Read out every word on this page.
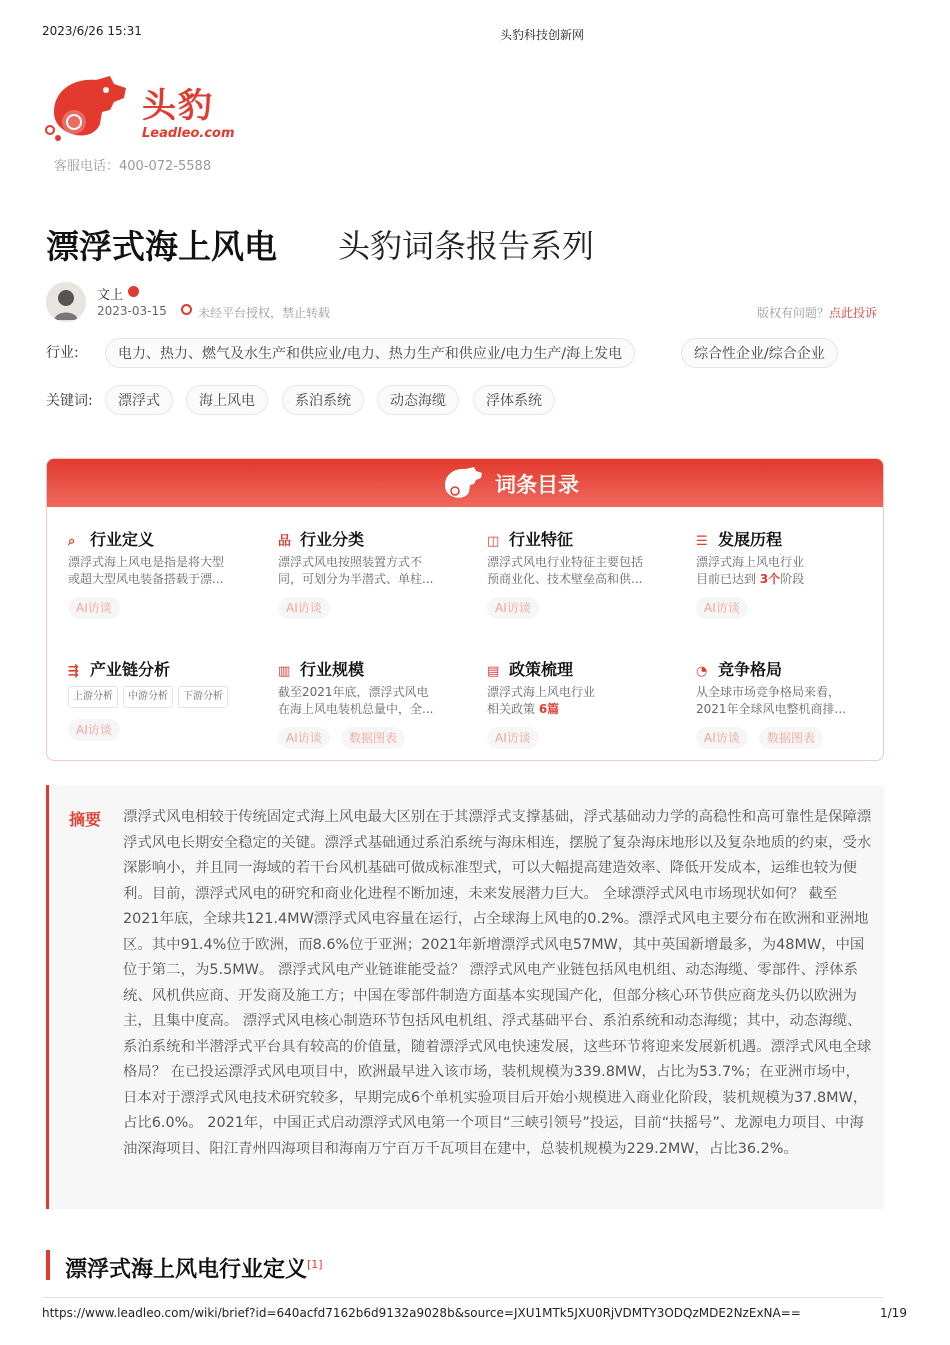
2023/6/26 15:31	头豹科技创新网
头豹
Leadleo.com
客服电话：400-072-5588
漂浮式海上风电 头豹词条报告系列
文上
2023-03-15	未经平台授权，禁止转载	版权有问题？点此投诉
行业:	电力、热力、燃气及水生产和供应业/电力、热力生产和供应业/电力生产/海上发电	综合性企业/综合企业
关键词:	漂浮式	海上风电	系泊系统	动态海缆	浮体系统
词条目录
⌕ 行业定义
漂浮式海上风电是指是将大型
或超大型风电装备搭载于漂...
AI访谈
品 行业分类
漂浮式风电按照装置方式不
同，可划分为半潜式、单柱...
AI访谈
◫ 行业特征
漂浮式风电行业特征主要包括
预商业化、技术壁垒高和供...
AI访谈
☰ 发展历程
漂浮式海上风电行业
目前已达到 3个阶段
AI访谈
⇶ 产业链分析
上游分析	中游分析	下游分析
AI访谈
▥ 行业规模
截至2021年底，漂浮式风电
在海上风电装机总量中，全...
AI访谈	数据图表
▤ 政策梳理
漂浮式海上风电行业
相关政策 6篇
AI访谈
◔ 竞争格局
从全球市场竞争格局来看，
2021年全球风电整机商排...
AI访谈	数据图表
摘要 漂浮式风电相较于传统固定式海上风电最大区别在于其漂浮式支撑基础，浮式基础动力学的高稳性和高可靠性是保障漂浮式风电长期安全稳定的关键。漂浮式基础通过系泊系统与海床相连，摆脱了复杂海床地形以及复杂地质的约束，受水深影响小，并且同一海域的若干台风机基础可做成标准型式，可以大幅提高建造效率、降低开发成本，运维也较为便利。目前，漂浮式风电的研究和商业化进程不断加速，未来发展潜力巨大。 全球漂浮式风电市场现状如何？ 截至2021年底，全球共121.4MW漂浮式风电容量在运行，占全球海上风电的0.2%。漂浮式风电主要分布在欧洲和亚洲地区。其中91.4%位于欧洲，而8.6%位于亚洲；2021年新增漂浮式风电57MW，其中英国新增最多，为48MW，中国位于第二，为5.5MW。 漂浮式风电产业链谁能受益？ 漂浮式风电产业链包括风电机组、动态海缆、零部件、浮体系统、风机供应商、开发商及施工方；中国在零部件制造方面基本实现国产化，但部分核心环节供应商龙头仍以欧洲为主，且集中度高。 漂浮式风电核心制造环节包括风电机组、浮式基础平台、系泊系统和动态海缆；其中，动态海缆、系泊系统和半潜浮式平台具有较高的价值量，随着漂浮式风电快速发展，这些环节将迎来发展新机遇。漂浮式风电全球格局？ 在已投运漂浮式风电项目中，欧洲最早进入该市场，装机规模为339.8MW，占比为53.7%；在亚洲市场中，日本对于漂浮式风电技术研究较多，早期完成6个单机实验项目后开始小规模进入商业化阶段，装机规模为37.8MW，占比6.0%。 2021年，中国正式启动漂浮式风电第一个项目“三峡引领号”投运，目前“扶摇号”、龙源电力项目、中海油深海项目、阳江青州四海项目和海南万宁百万千瓦项目在建中，总装机规模为229.2MW，占比36.2%。

漂浮式海上风电行业定义[1]
https://www.leadleo.com/wiki/brief?id=640acfd7162b6d9132a9028b&source=JXU1MTk5JXU0RjVDMTY3ODQzMDE2NzExNA==	1/19
